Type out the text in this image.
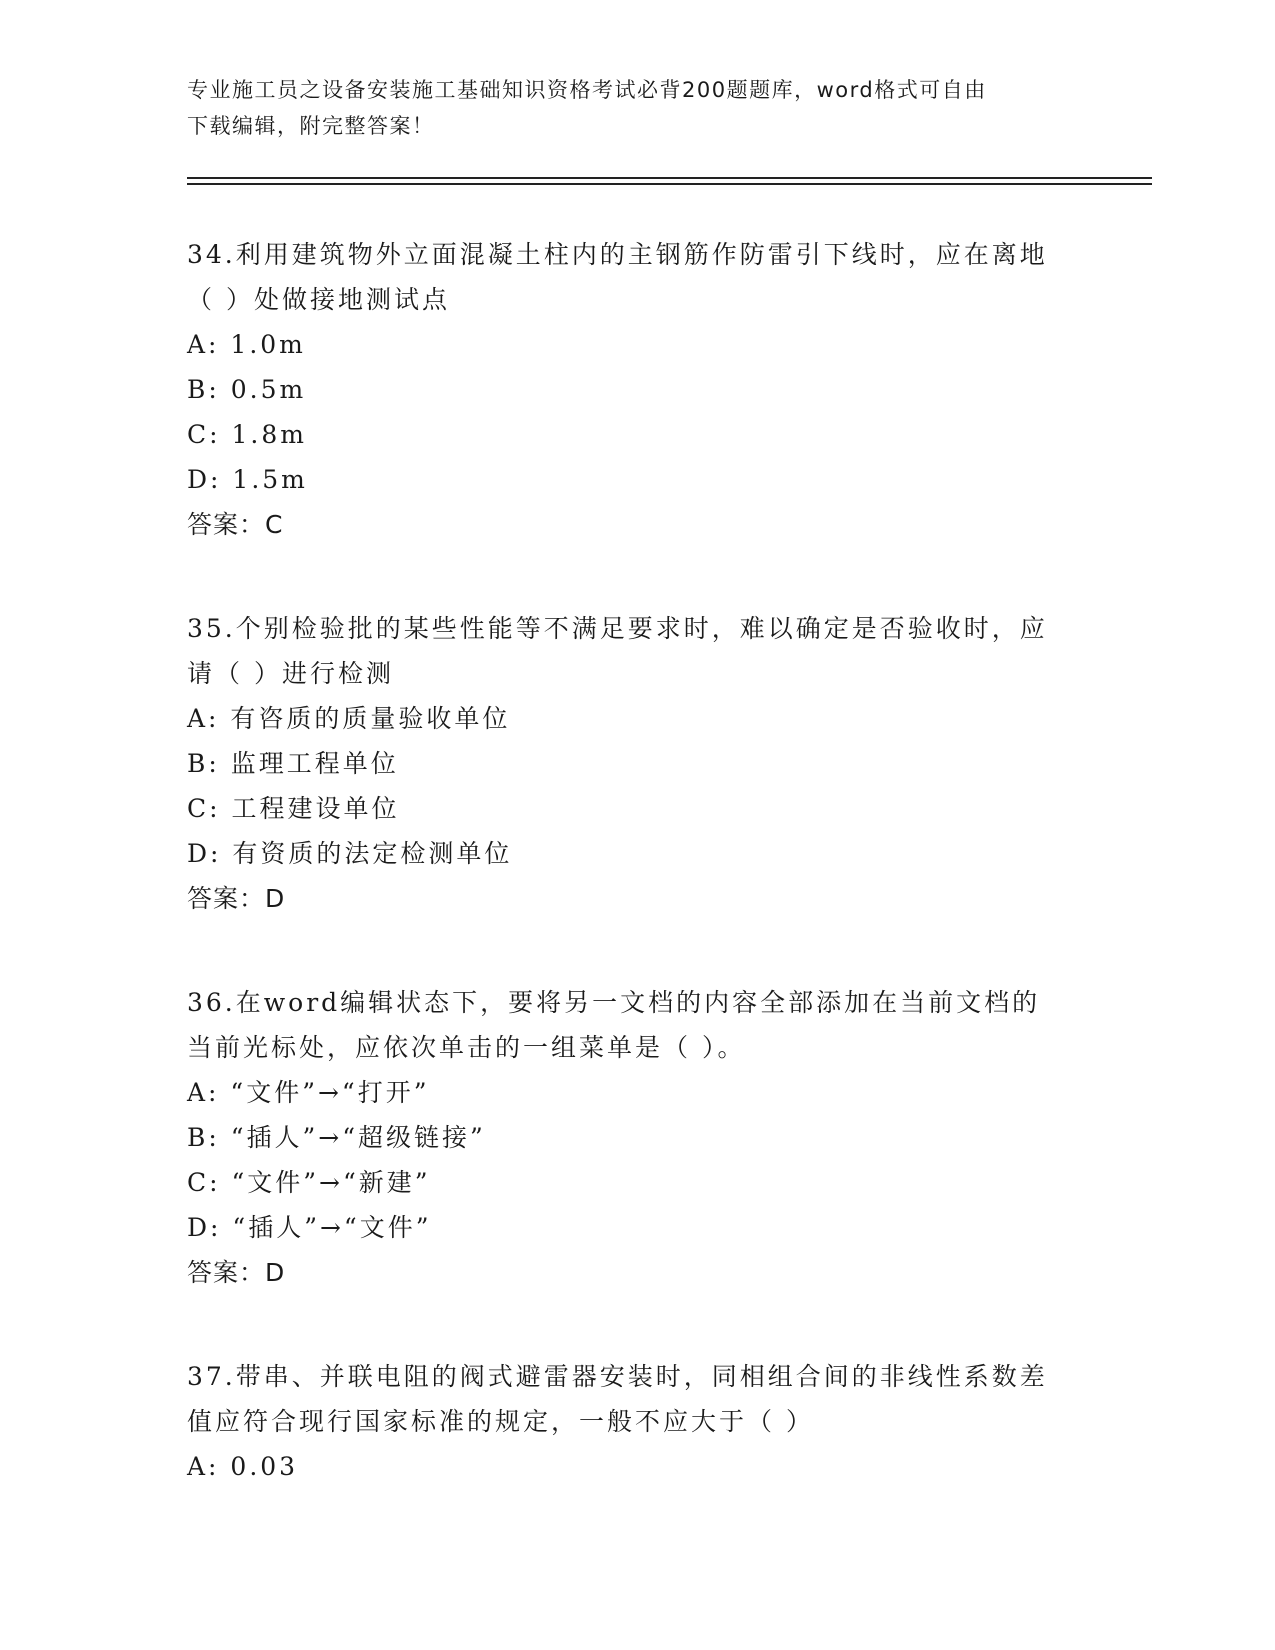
专业施工员之设备安装施工基础知识资格考试必背200题题库，word格式可自由
下载编辑，附完整答案！

34.利用建筑物外立面混凝土柱内的主钢筋作防雷引下线时，应在离地

（ ）处做接地测试点

A: 1.0m

B: 0.5m

C: 1.8m

D: 1.5m

答案：C

35.个别检验批的某些性能等不满足要求时，难以确定是否验收时，应

请（ ）进行检测

A: 有咨质的质量验收单位

B: 监理工程单位

C: 工程建设单位

D: 有资质的法定检测单位

答案：D

36.在word编辑状态下，要将另一文档的内容全部添加在当前文档的

当前光标处，应依次单击的一组菜单是（ ）。

A: “文件”→“打开”

B: “插人”→“超级链接”

C: “文件”→“新建”

D: “插人”→“文件”

答案：D

37.带串、并联电阻的阀式避雷器安装时，同相组合间的非线性系数差

值应符合现行国家标准的规定，一般不应大于（ ）

A: 0.03
